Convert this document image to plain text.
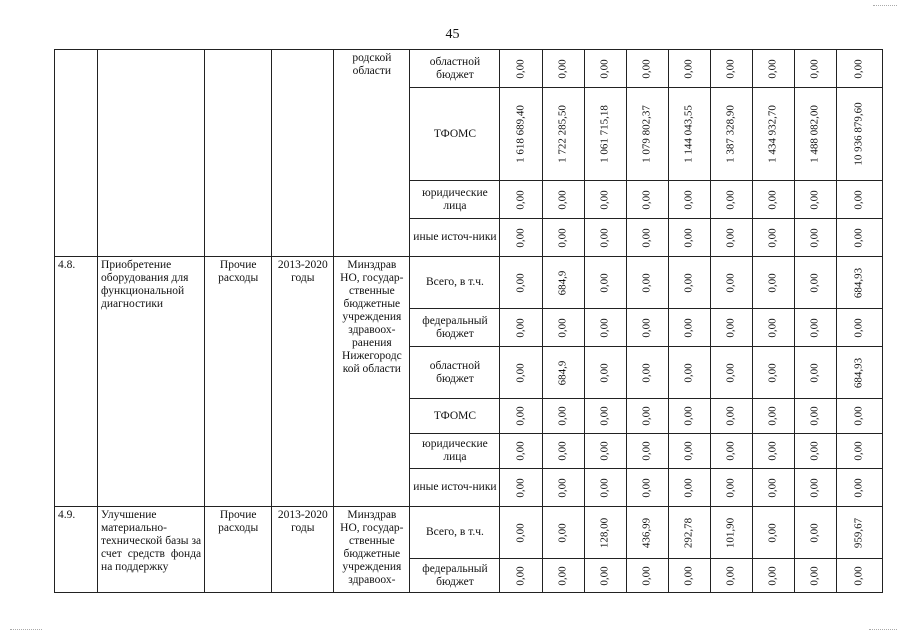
45
				родской области	областной бюджет	0,00	0,00	0,00	0,00	0,00	0,00	0,00	0,00	0,00

					ТФОМС	1 618 689,40	1 722 285,50	1 061 715,18	1 079 802,37	1 144 043,55	1 387 328,90	1 434 932,70	1 488 082,00	10 936 879,60

					юридические лица	0,00	0,00	0,00	0,00	0,00	0,00	0,00	0,00	0,00

					иные источ-ники	0,00	0,00	0,00	0,00	0,00	0,00	0,00	0,00	0,00

4.8.	Приобретение оборудования для функциональной диагностики	Прочие расходы	2013-2020 годы	Минздрав НО, государ-ственные бюджетные учреждения здравоох-ранения Нижегородс кой области	Всего, в т.ч.	0,00	684,9	0,00	0,00	0,00	0,00	0,00	0,00	684,93

					федеральный бюджет	0,00	0,00	0,00	0,00	0,00	0,00	0,00	0,00	0,00

					областной бюджет	0,00	684,9	0,00	0,00	0,00	0,00	0,00	0,00	684,93

					ТФОМС	0,00	0,00	0,00	0,00	0,00	0,00	0,00	0,00	0,00

					юридические лица	0,00	0,00	0,00	0,00	0,00	0,00	0,00	0,00	0,00

					иные источ-ники	0,00	0,00	0,00	0,00	0,00	0,00	0,00	0,00	0,00

4.9.	Улучшение материально-технической базы за счет средств фонда на поддержку	Прочие расходы	2013-2020 годы	Минздрав НО, государ-ственные бюджетные учреждения здравоох-	Всего, в т.ч.	0,00	0,00	128,00	436,99	292,78	101,90	0,00	0,00	959,67

					федеральный бюджет	0,00	0,00	0,00	0,00	0,00	0,00	0,00	0,00	0,00
